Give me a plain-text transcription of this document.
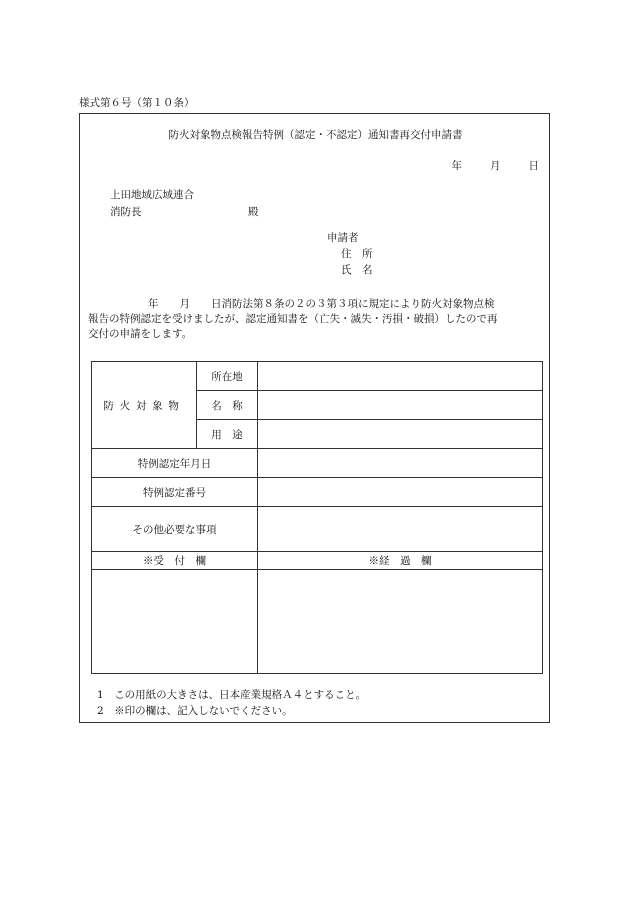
様式第６号（第１０条）
防火対象物点検報告特例（認定・不認定）通知書再交付申請書
年	月	日
上田地域広域連合
消防長	殿
申請者
住　所
氏　名
年　　月　　日消防法第８条の２の３第３項に規定により防火対象物点検
報告の特例認定を受けましたが、認定通知書を（亡失・滅失・汚損・破損）したので再
交付の申請をします。
防火対象物	所在地	
	名　称	
	用　途	
特例認定年月日		
特例認定番号		
その他必要な事項		
※受　付　欄		※経　過　欄

1　 この用紙の大きさは、日本産業規格Ａ４とすること。
2　 ※印の欄は、記入しないでください。
